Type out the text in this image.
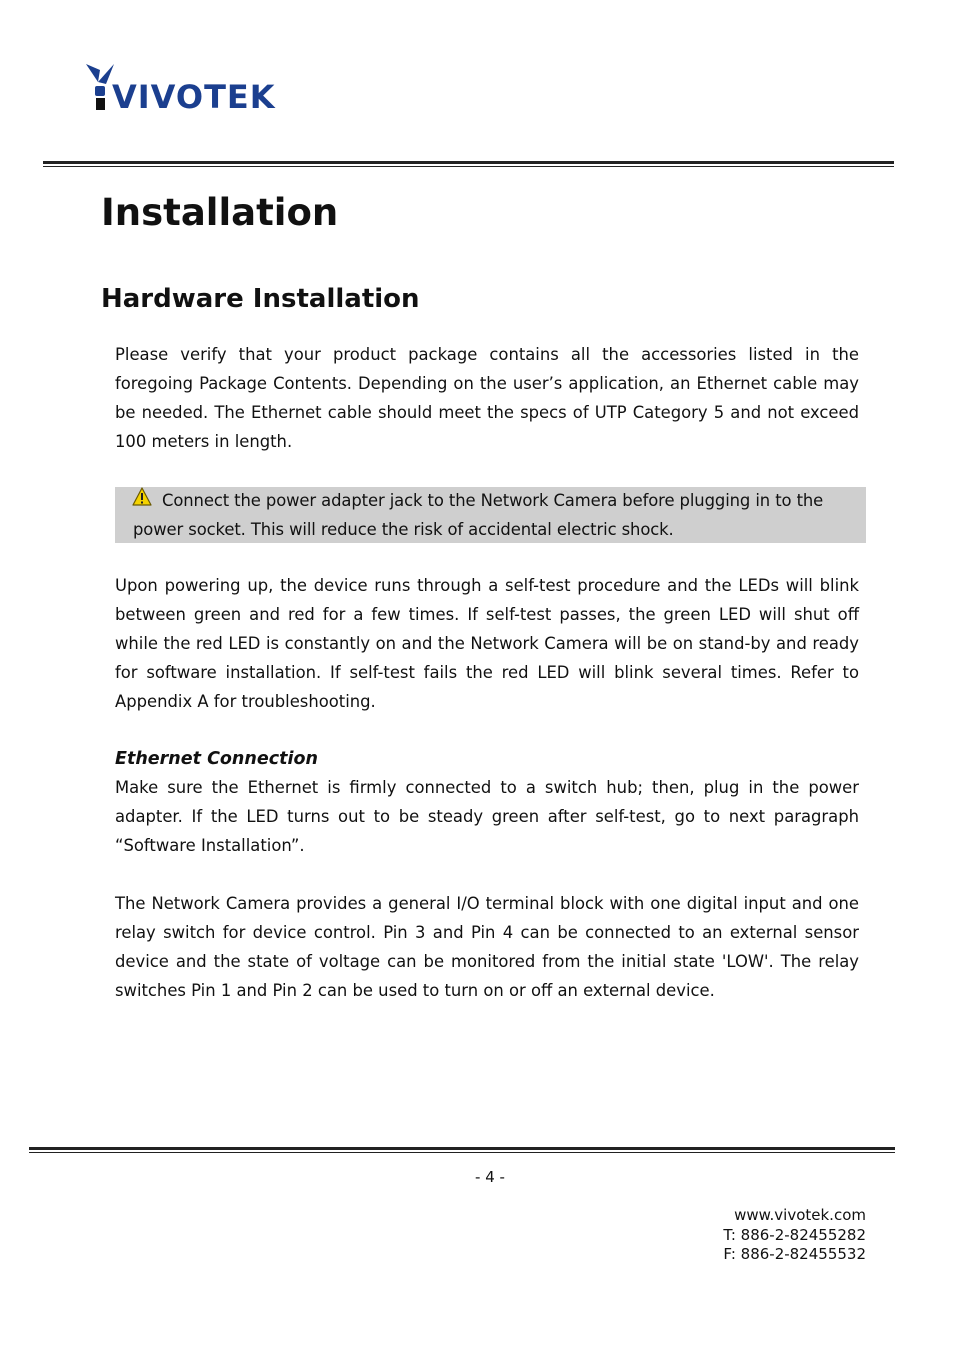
VIVOTEK
Installation
Hardware Installation

Please verify that your product package contains all the accessories listed in the foregoing Package Contents. Depending on the user’s application, an Ethernet cable may be needed. The Ethernet cable should meet the specs of UTP Category 5 and not exceed 100 meters in length.

Connect the power adapter jack to the Network Camera before plugging in to the power socket. This will reduce the risk of accidental electric shock.

Upon powering up, the device runs through a self-test procedure and the LEDs will blink between green and red for a few times. If self-test passes, the green LED will shut off while the red LED is constantly on and the Network Camera will be on stand-by and ready for software installation. If self-test fails the red LED will blink several times. Refer to Appendix A for troubleshooting.

Ethernet Connection

Make sure the Ethernet is firmly connected to a switch hub; then, plug in the power adapter. If the LED turns out to be steady green after self-test, go to next paragraph “Software Installation”.

The Network Camera provides a general I/O terminal block with one digital input and one relay switch for device control. Pin 3 and Pin 4 can be connected to an external sensor device and the state of voltage can be monitored from the initial state 'LOW'. The relay switches Pin 1 and Pin 2 can be used to turn on or off an external device.

- 4 -
www.vivotek.com
T: 886-2-82455282
F: 886-2-82455532
